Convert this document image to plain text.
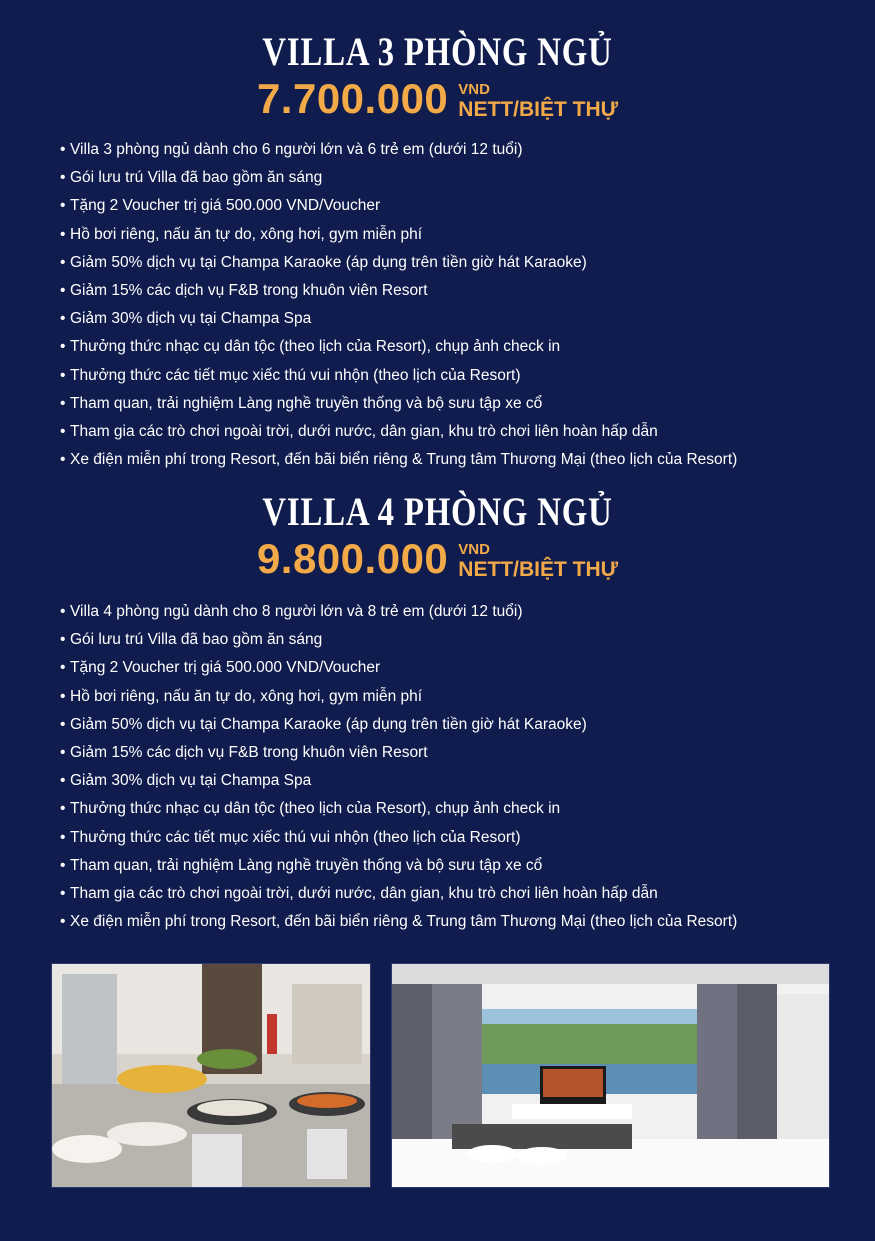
VILLA 3 PHÒNG NGỦ
7.700.000 VND
NETT/BIỆT THỰ
• Villa 3 phòng ngủ dành cho 6 người lớn và 6 trẻ em (dưới 12 tuổi)
• Gói lưu trú Villa đã bao gồm ăn sáng
• Tặng 2 Voucher trị giá 500.000 VND/Voucher
• Hồ bơi riêng, nấu ăn tự do, xông hơi, gym miễn phí
• Giảm 50% dịch vụ tại Champa Karaoke (áp dụng trên tiền giờ hát Karaoke)
• Giảm 15% các dịch vụ F&B trong khuôn viên Resort
• Giảm 30% dịch vụ tại Champa Spa
• Thưởng thức nhạc cụ dân tộc (theo lịch của Resort), chụp ảnh check in
• Thưởng thức các tiết mục xiếc thú vui nhộn (theo lịch của Resort)
• Tham quan, trải nghiệm Làng nghề truyền thống và bộ sưu tập xe cổ
• Tham gia các trò chơi ngoài trời, dưới nước, dân gian, khu trò chơi liên hoàn hấp dẫn
• Xe điện miễn phí trong Resort, đến bãi biển riêng & Trung tâm Thương Mại (theo lịch của Resort)
VILLA 4 PHÒNG NGỦ
9.800.000 VND
NETT/BIỆT THỰ
• Villa 4 phòng ngủ dành cho 8 người lớn và 8 trẻ em (dưới 12 tuổi)
• Gói lưu trú Villa đã bao gồm ăn sáng
• Tặng 2 Voucher trị giá 500.000 VND/Voucher
• Hồ bơi riêng, nấu ăn tự do, xông hơi, gym miễn phí
• Giảm 50% dịch vụ tại Champa Karaoke (áp dụng trên tiền giờ hát Karaoke)
• Giảm 15% các dịch vụ F&B trong khuôn viên Resort
• Giảm 30% dịch vụ tại Champa Spa
• Thưởng thức nhạc cụ dân tộc (theo lịch của Resort), chụp ảnh check in
• Thưởng thức các tiết mục xiếc thú vui nhộn (theo lịch của Resort)
• Tham quan, trải nghiệm Làng nghề truyền thống và bộ sưu tập xe cổ
• Tham gia các trò chơi ngoài trời, dưới nước, dân gian, khu trò chơi liên hoàn hấp dẫn
• Xe điện miễn phí trong Resort, đến bãi biển riêng & Trung tâm Thương Mại (theo lịch của Resort)
